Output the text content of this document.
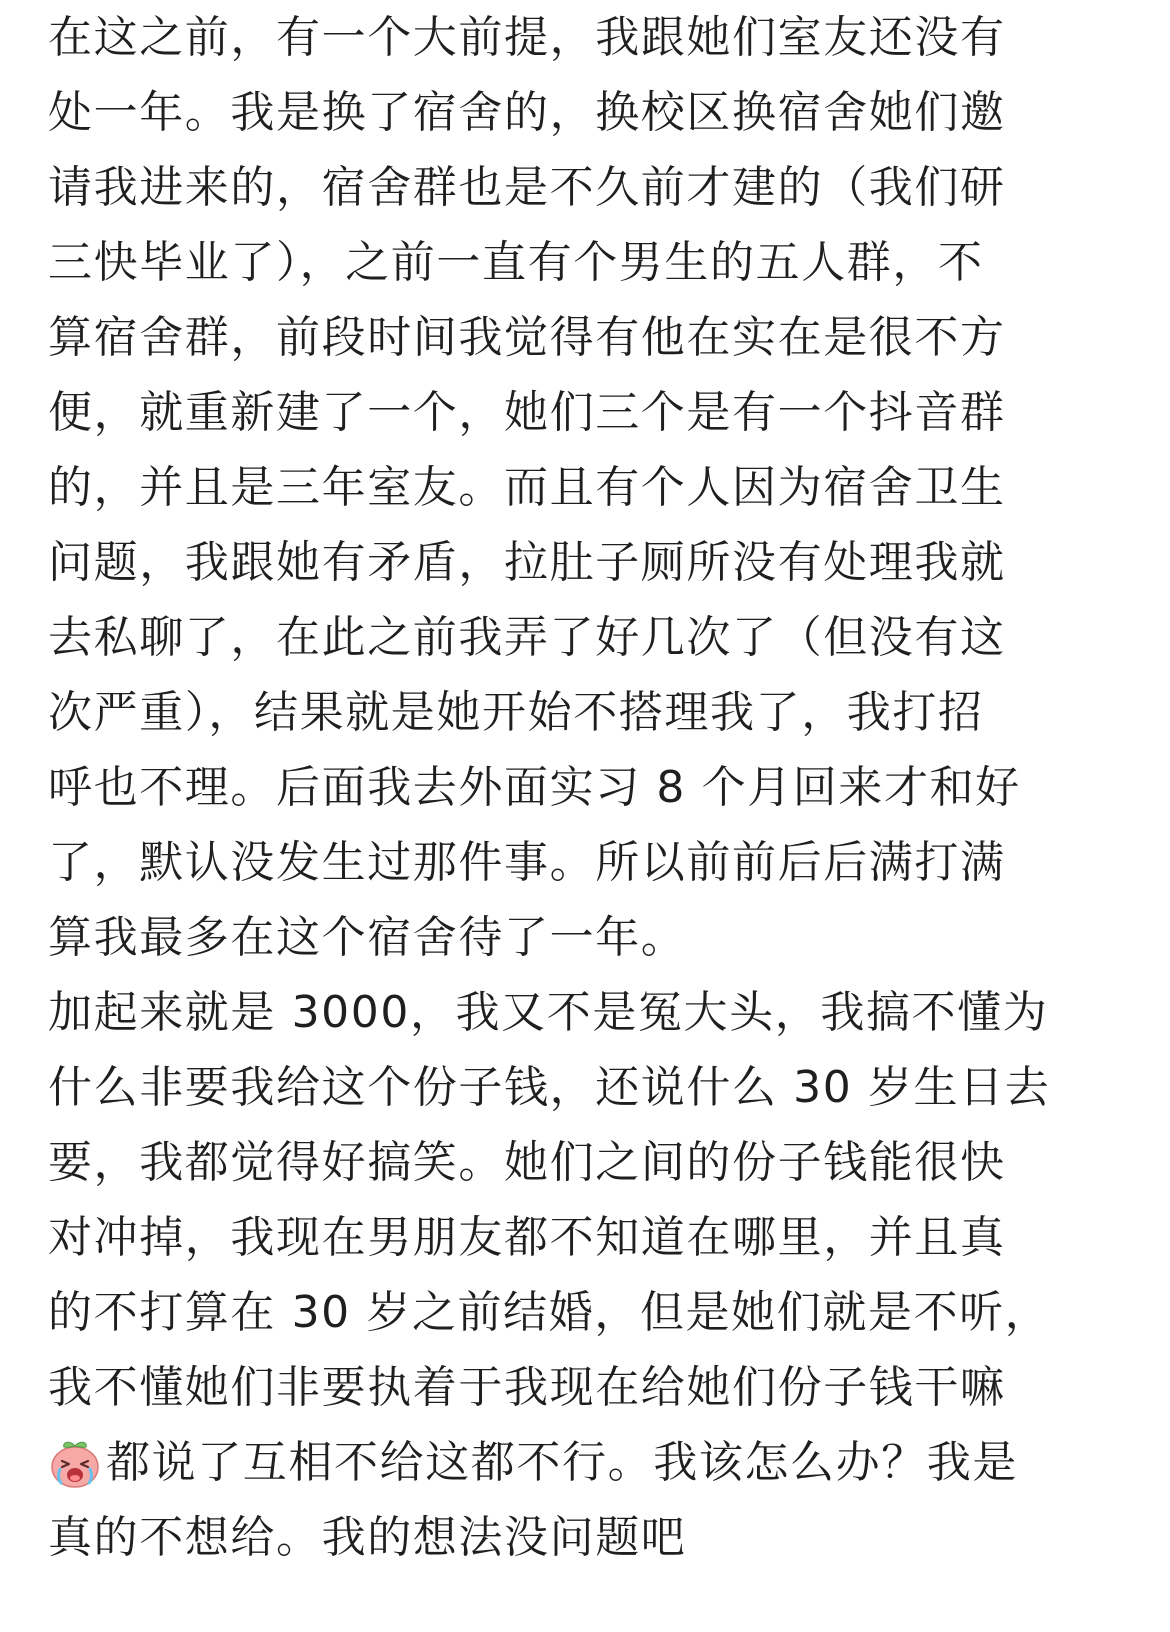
在这之前，有一个大前提，我跟她们室友还没有
处一年。我是换了宿舍的，换校区换宿舍她们邀
请我进来的，宿舍群也是不久前才建的（我们研
三快毕业了），之前一直有个男生的五人群，不
算宿舍群，前段时间我觉得有他在实在是很不方
便，就重新建了一个，她们三个是有一个抖音群
的，并且是三年室友。而且有个人因为宿舍卫生
问题，我跟她有矛盾，拉肚子厕所没有处理我就
去私聊了，在此之前我弄了好几次了（但没有这
次严重），结果就是她开始不搭理我了，我打招
呼也不理。后面我去外面实习 8 个月回来才和好
了，默认没发生过那件事。所以前前后后满打满
算我最多在这个宿舍待了一年。
加起来就是 3000，我又不是冤大头，我搞不懂为
什么非要我给这个份子钱，还说什么 30 岁生日去
要，我都觉得好搞笑。她们之间的份子钱能很快
对冲掉，我现在男朋友都不知道在哪里，并且真
的不打算在 30 岁之前结婚，但是她们就是不听，
我不懂她们非要执着于我现在给她们份子钱干嘛
都说了互相不给这都不行。我该怎么办？我是
真的不想给。我的想法没问题吧
